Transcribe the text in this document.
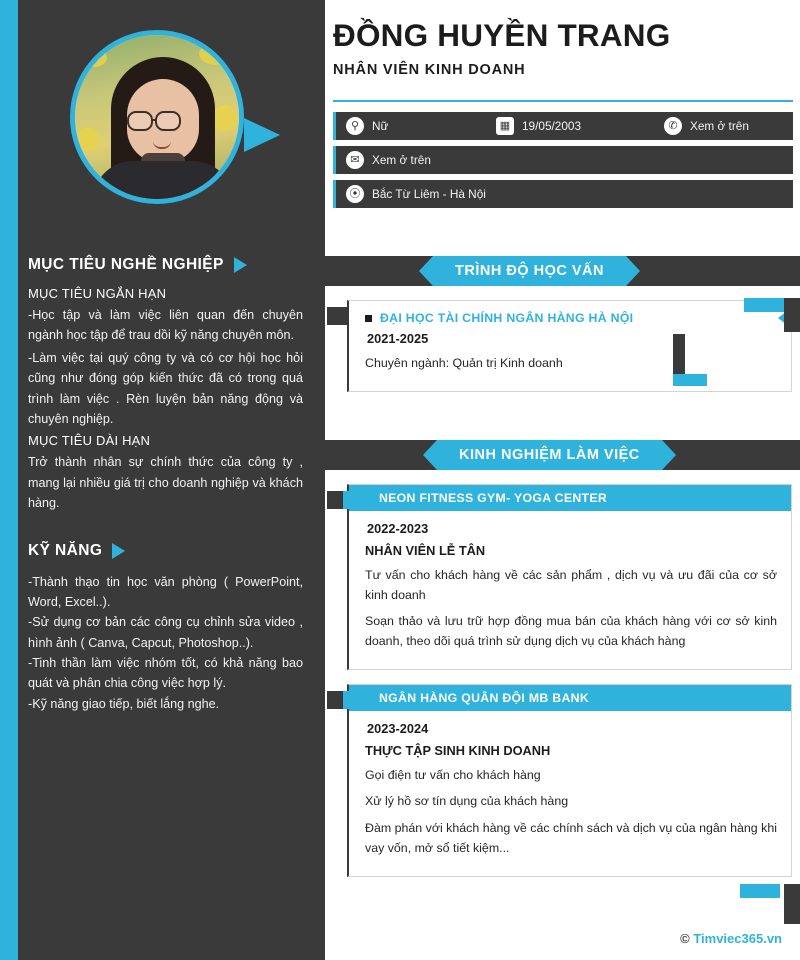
MỤC TIÊU NGHỀ NGHIỆP
MỤC TIÊU NGẮN HẠN
-Học tập và làm việc liên quan đến chuyên ngành học tập để trau dồi kỹ năng chuyên môn.
-Làm việc tại quý công ty và có cơ hội học hỏi cũng như đóng góp kiến thức đã có trong quá trình làm việc . Rèn luyện bản năng động và chuyên nghiệp.
MỤC TIÊU DÀI HẠN
Trở thành nhân sự chính thức của công ty , mang lại nhiều giá trị cho doanh nghiệp và khách hàng.
KỸ NĂNG
-Thành thạo tin học văn phòng ( PowerPoint, Word, Excel..).
-Sử dụng cơ bản các công cụ chỉnh sửa video , hình ảnh ( Canva, Capcut, Photoshop..).
-Tinh thần làm việc nhóm tốt, có khả năng bao quát và phân chia công việc hợp lý.
-Kỹ năng giao tiếp, biết lắng nghe.
ĐỒNG HUYỀN TRANG
NHÂN VIÊN KINH DOANH
⚲	Nữ	▦ 19/05/2003	✆	Xem ở trên
✉	Xem ở trên
⦿ Bắc Từ Liêm - Hà Nội
TRÌNH ĐỘ HỌC VẤN
ĐẠI HỌC TÀI CHÍNH NGÂN HÀNG HÀ NỘI
2021-2025
Chuyên ngành: Quản trị Kinh doanh
KINH NGHIỆM LÀM VIỆC
NEON FITNESS GYM- YOGA CENTER
2022-2023
NHÂN VIÊN LỄ TÂN
Tư vấn cho khách hàng về các sản phẩm , dịch vụ và ưu đãi của cơ sở kinh doanh
Soạn thảo và lưu trữ hợp đồng mua bán của khách hàng với cơ sở kinh doanh, theo dõi quá trình sử dụng dịch vụ của khách hàng
NGÂN HÀNG QUÂN ĐỘI MB BANK
2023-2024
THỰC TẬP SINH KINH DOANH
Gọi điện tư vấn cho khách hàng
Xử lý hồ sơ tín dụng của khách hàng
Đàm phán với khách hàng về các chính sách và dịch vụ của ngân hàng khi vay vốn, mở sổ tiết kiệm...
© Timviec365.vn
